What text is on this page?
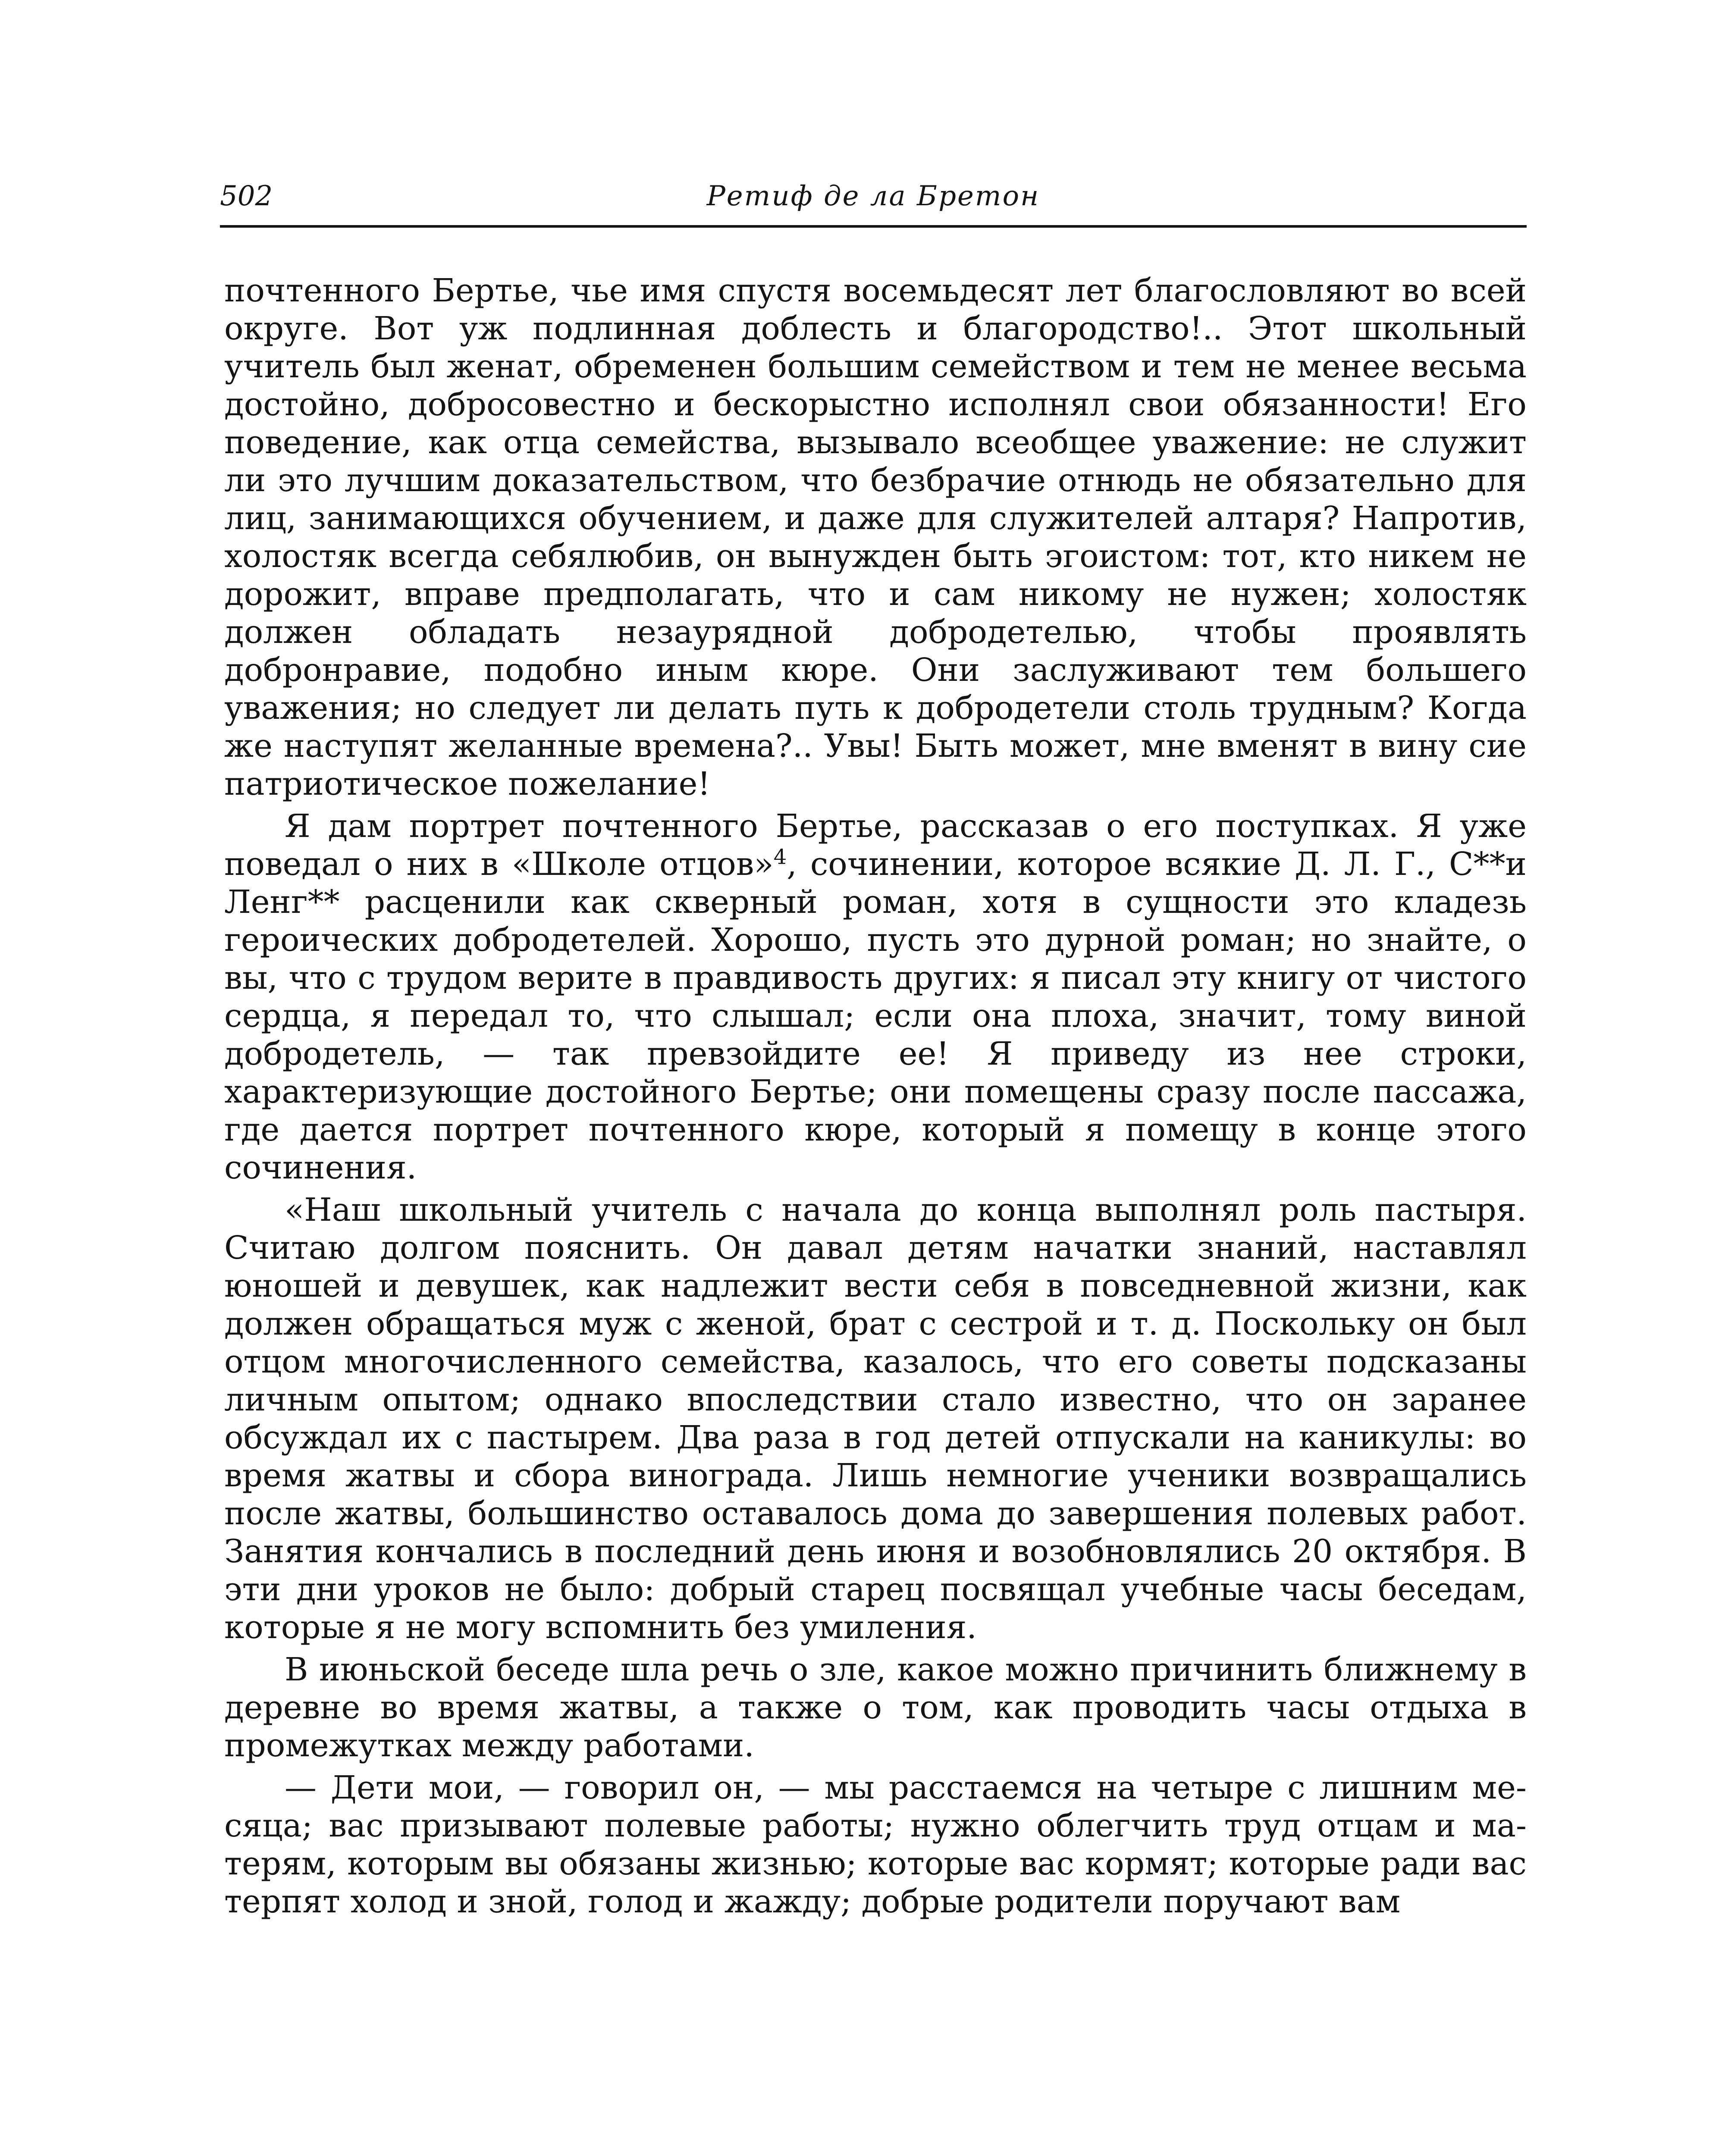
502	Ретиф де ла Бретон

почтенного Бертье, чье имя спустя восемьдесят лет благословляют во всей округе. Вот уж подлинная доблесть и благородство!.. Этот школьный учитель был женат, обременен большим семейством и тем не менее весьма достойно, добросовестно и бескорыстно исполнял свои обязанности! Его поведение, как отца семейства, вызывало всеобщее уважение: не служит ли это лучшим доказательством, что безбрачие отнюдь не обязательно для лиц, занимающихся обучением, и даже для служителей алтаря? Напротив, холостяк всегда себялюбив, он вынужден быть эгоистом: тот, кто никем не дорожит, вправе предполагать, что и сам никому не нужен; холостяк должен обладать незаурядной добродетелью, чтобы проявлять добронравие, подобно иным кюре. Они заслуживают тем большего уважения; но следует ли делать путь к добродетели столь трудным? Когда же наступят желанные времена?.. Увы! Быть может, мне вменят в вину сие патриотическое пожелание!

Я дам портрет почтенного Бертье, рассказав о его поступках. Я уже поведал о них в «Школе отцов»$^4$, сочинении, которое всякие Д. Л. Г., С**и Ленг** расценили как скверный роман, хотя в сущности это кладезь героических добродетелей. Хорошо, пусть это дурной роман; но знайте, о вы, что с трудом верите в правдивость других: я писал эту книгу от чистого сердца, я передал то, что слышал; если она плоха, значит, тому виной добродетель, — так превзойдите ее! Я приведу из нее строки, характеризующие достойного Бертье; они помещены сразу после пассажа, где дается портрет почтенного кюре, который я помещу в конце этого сочинения.

«Наш школьный учитель с начала до конца выполнял роль пастыря. Считаю долгом пояснить. Он давал детям начатки знаний, наставлял юношей и девушек, как надлежит вести себя в повседневной жизни, как должен обращаться муж с женой, брат с сестрой и т. д. Поскольку он был отцом многочисленного семейства, казалось, что его советы подсказаны личным опытом; однако впоследствии стало известно, что он заранее обсуждал их с пастырем. Два раза в год детей отпускали на каникулы: во время жатвы и сбора винограда. Лишь немногие ученики возвращались после жатвы, большинство оставалось дома до завершения полевых работ. Занятия кончались в последний день июня и возобновлялись 20 октября. В эти дни уроков не было: добрый старец посвящал учебные часы беседам, которые я не могу вспомнить без умиления.

В июньской беседе шла речь о зле, какое можно причинить ближнему в деревне во время жатвы, а также о том, как проводить часы отдыха в промежутках между работами.

— Дети мои, — говорил он, — мы расстаемся на четыре с лишним месяца; вас призывают полевые работы; нужно облегчить труд отцам и матерям, которым вы обязаны жизнью; которые вас кормят; которые ради вас терпят холод и зной, голод и жажду; добрые родители поручают вам
